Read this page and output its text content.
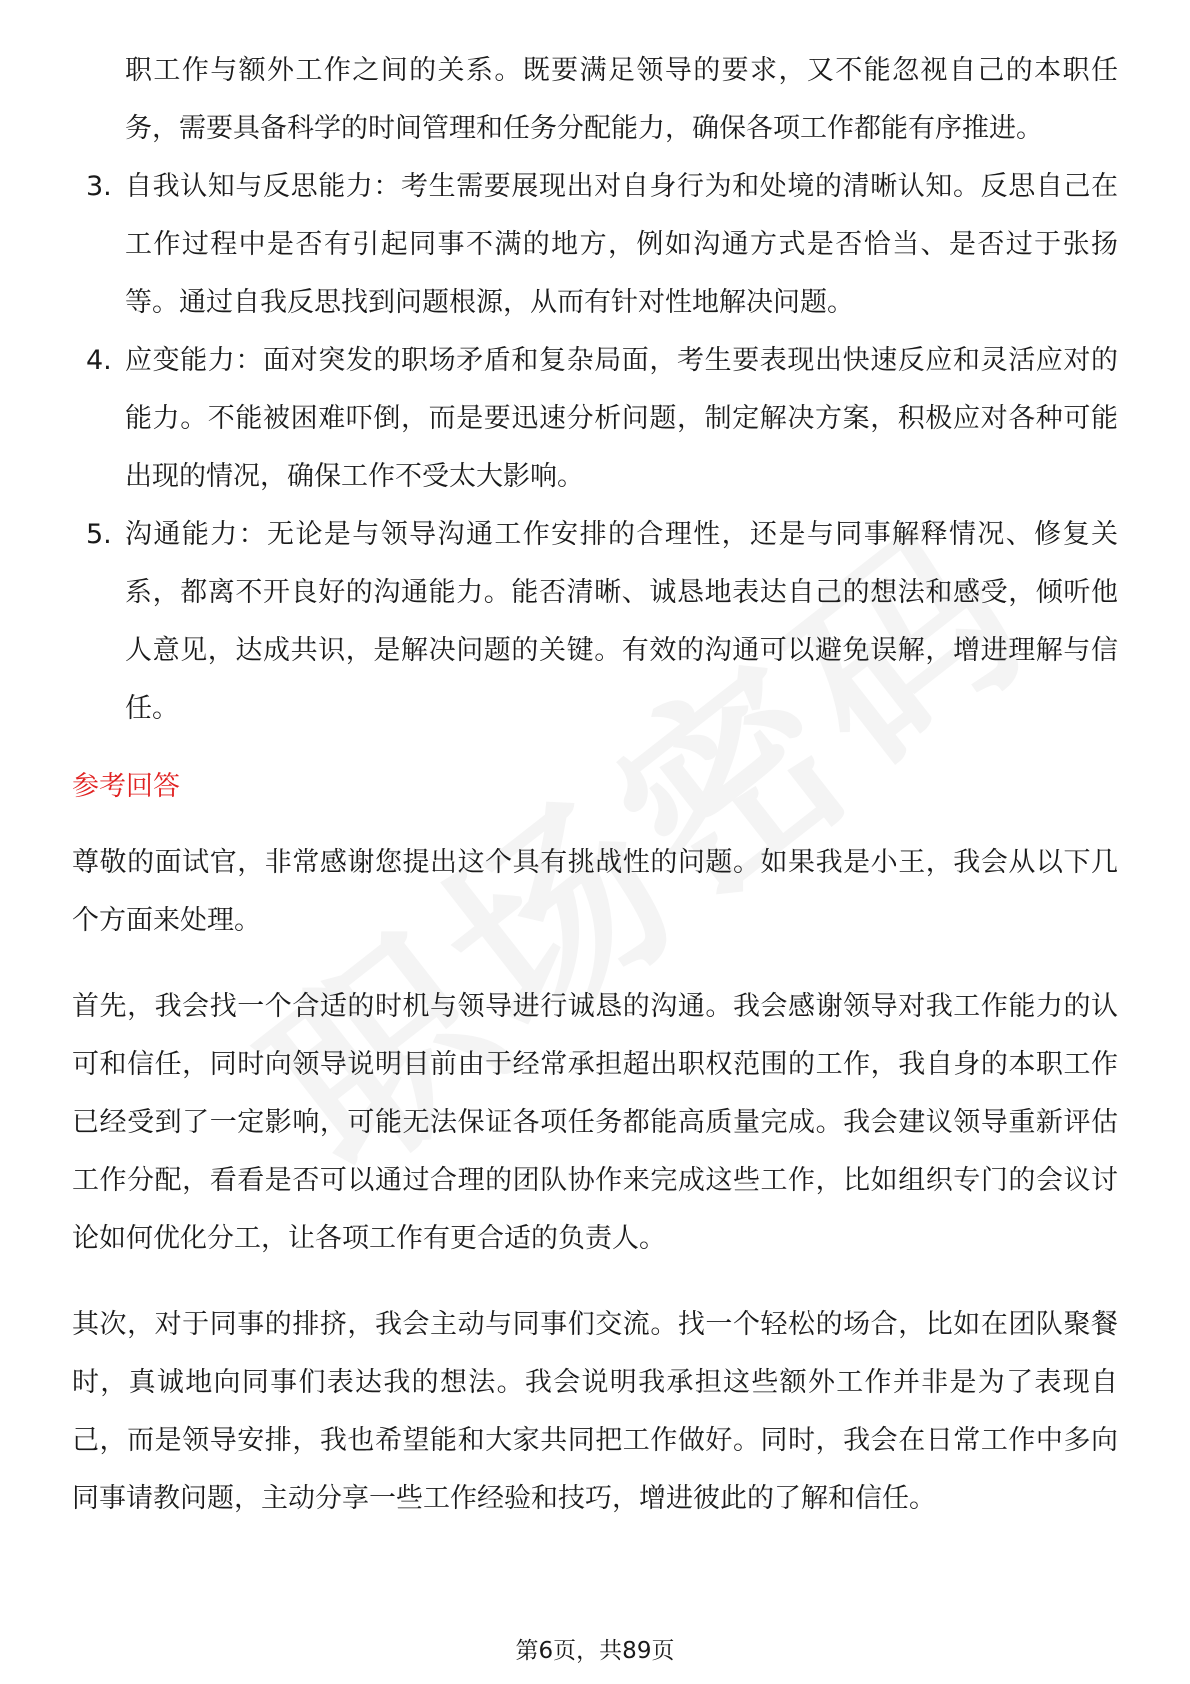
职工作与额外工作之间的关系。既要满足领导的要求，又不能忽视自己的本职任务，需要具备科学的时间管理和任务分配能力，确保各项工作都能有序推进。

3. 自我认知与反思能力：考生需要展现出对自身行为和处境的清晰认知。反思自己在工作过程中是否有引起同事不满的地方，例如沟通方式是否恰当、是否过于张扬等。通过自我反思找到问题根源，从而有针对性地解决问题。
4. 应变能力：面对突发的职场矛盾和复杂局面，考生要表现出快速反应和灵活应对的能力。不能被困难吓倒，而是要迅速分析问题，制定解决方案，积极应对各种可能出现的情况，确保工作不受太大影响。
5. 沟通能力：无论是与领导沟通工作安排的合理性，还是与同事解释情况、修复关系，都离不开良好的沟通能力。能否清晰、诚恳地表达自己的想法和感受，倾听他人意见，达成共识，是解决问题的关键。有效的沟通可以避免误解，增进理解与信任。
参考回答

尊敬的面试官，非常感谢您提出这个具有挑战性的问题。如果我是小王，我会从以下几个方面来处理。

首先，我会找一个合适的时机与领导进行诚恳的沟通。我会感谢领导对我工作能力的认可和信任，同时向领导说明目前由于经常承担超出职权范围的工作，我自身的本职工作已经受到了一定影响，可能无法保证各项任务都能高质量完成。我会建议领导重新评估工作分配，看看是否可以通过合理的团队协作来完成这些工作，比如组织专门的会议讨论如何优化分工，让各项工作有更合适的负责人。

其次，对于同事的排挤，我会主动与同事们交流。找一个轻松的场合，比如在团队聚餐时，真诚地向同事们表达我的想法。我会说明我承担这些额外工作并非是为了表现自己，而是领导安排，我也希望能和大家共同把工作做好。同时，我会在日常工作中多向同事请教问题，主动分享一些工作经验和技巧，增进彼此的了解和信任。

第6页，共89页
